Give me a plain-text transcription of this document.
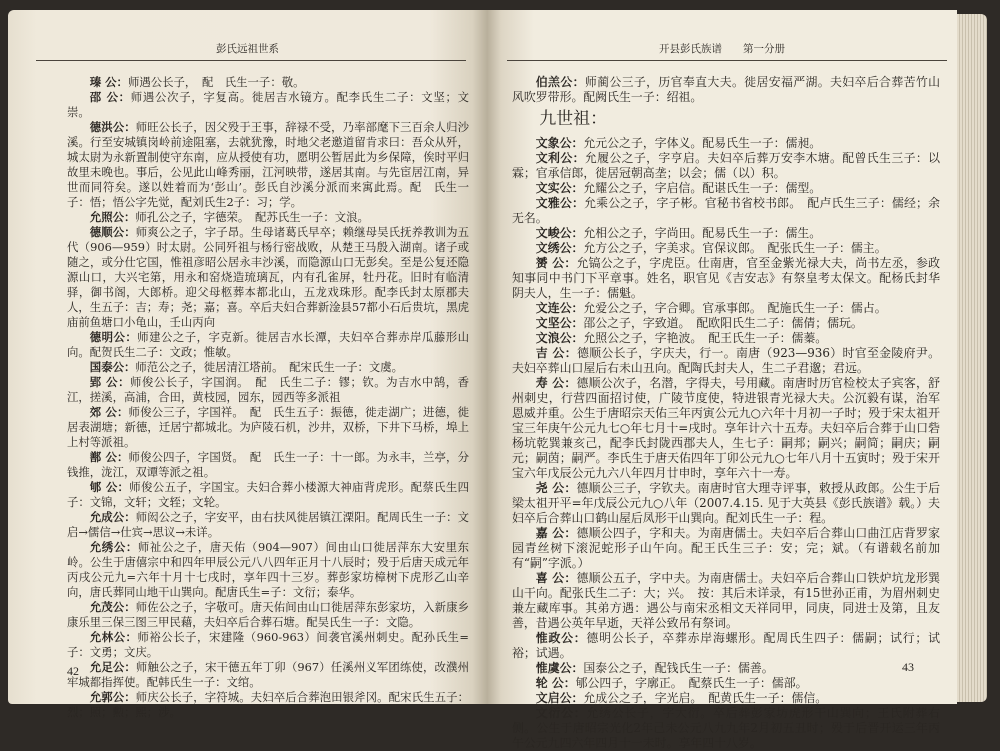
彭氏远祖世系

瑧 公：师遇公长子，　配　氏生一子：敬。

邵 公：师遇公次子，字复高。徙居吉水镜方。配李氏生二子：文坚；文崇。

德洪公：师旺公长子，因父殁于王事，辞禄不受，乃率部麾下三百余人归沙溪。行至安城镇岗岭前途阻塞，去就犹豫，时地父老邀道留肯求曰：吾众从歼，城太尉为永新置制使守东南，应从授使有功，愿明公暂居此为乡保障，俟时平归故里未晚也。事后，公见此山峰秀丽，江河映带，遂居其南。与先宦居江南，异世而同符矣。遂以姓着而为‘彭山’。彭氏自沙溪分派而来寓此焉。配　氏生一子：悟；悟公字先觉，配刘氏生2子：习；学。

允照公：师孔公之子，字德荣。　配苏氏生一子：文浪。

德顺公：师爽公之子，字子昂。生母诸葛氏早卒；赖继母吴氏抚养教训为五代（906—959）时太尉。公同歼祖与杨行密战败，从楚王马殷入湖南。诸子或随之，或分仕它国，惟祖彦昭公居永丰沙溪，而隐源山口无彭矣。至是公复还隐源山口，大兴宅第，用永和窑烧造琉璃瓦，内有孔雀屏，牡丹花。旧时有临清驿，御书阁，大郎桥。迎父母柩葬本都北山，五龙戏珠形。配李氏封太原郡夫人，生五子：吉；寿；尧；嘉；喜。卒后夫妇合葬新淦县57都小石后贵坑，黑虎庙前鱼塘口小龟山，壬山丙向

德明公：师建公之子，字克新。徙居吉水长潭，夫妇卒合葬赤岸瓜藤形山向。配贺氏生二子：文政；惟敏。

国泰公：师范公之子，徙居清江塔前。　配宋氏生一子：文虞。

郢 公：师俊公长子，字国润。　配　氏生二子：镠；钦。为吉水中鹄，香江，搓溪，高浦，合田，黄枝园，园东，园西等多派祖

郊 公：师俊公三子，字国祥。　配　氏生五子：振德，徙走湖广；进德，徙居表湖塘；新德，迁居宁都城北。为庐陵石机，沙井，双桥，下井下马桥，埠上上村等派祖。

鄯 公：师俊公四子，字国贤。　配　氏生一子：十一郎。为永丰，兰亭，分钱推，泷江，双谭等派之祖。

郇 公：师俊公五子，字国宝。夫妇合葬小楼源大神庙背虎形。配蔡氏生四子：文锦，文轩；文轾；文轮。

允成公：师闳公之子，字安平，由右扶风徙居镇江溧阳。配周氏生一子：文启→儒信→仕宾→思议→未详。

允绣公：师祉公之子，唐天佑（904—907）间由山口徙居萍东大安里东岭。公生于唐僖宗中和四年甲辰公元八八四年正月十八辰时；殁于后唐天成元年丙戌公元九=六年十月十七戌时，享年四十三岁。葬彭家坊樟树下虎形乙山辛向，唐氏葬同山地干山巽向。配唐氏生=子：文衍；泰华。

允茂公：师佐公之子，字敬可。唐天佑间由山口徙居萍东彭家坊，入新康乡康乐里三保三图三甲民藉，夫妇卒后合葬石塘。配吴氏生一子：文隐。

允林公：师裕公长子，宋建隆（960-963）间袭官溪州刺史。配孙氏生=子：文勇；文庆。

允足公：师触公之子，宋干德五年丁卯（967）任溪州义军团练使，改濮州牢城都指挥使。配韩氏生一子：文绾。

允郭公：师庆公长子，字符城。夫妇卒后合葬泡田银斧冈。配宋氏生五子：烈；照；勲；熙；涉。

42
开县彭氏族谱　　第一分册

伯羔公：师蔺公三子，历官奉直大夫。徙居安福严湖。夫妇卒后合葬苦竹山风吹罗带形。配阙氏生一子：绍祖。

九世祖：

文象公：允元公之子，字体义。配易氏生一子：儒昶。

文利公：允履公之子，字亨启。夫妇卒后葬万安李木塘。配曾氏生三子：以霖；官承信郎，徙居冠朝高垄；以会；儒（以）积。

文实公：允耀公之子，字启信。配谌氏生一子：儒型。

文雅公：允乘公之子，字子彬。官秘书省校书郎。　配卢氏生三子：儒经；余无名。

文峻公：允相公之子，字尚田。配易氏生一子：儒生。

文绣公：允方公之子，字美求。官保议郎。　配张氏生一子：儒主。

赟 公：允镐公之子，字虎臣。仕南唐，官至金紫光禄大夫，尚书左丞，参政知事同中书门下平章事。姓名，职官见《吉安志》有祭皇考太保文。配杨氏封华阴夫人，生一子：儒魁。

文连公：允爱公之子，字合卿。官承事郎。　配施氏生一子：儒占。

文坚公：邵公之子，字致道。　配欧阳氏生二子：儒倩；儒玩。

文浪公：允照公之子，字艳波。　配王氏生一子：儒蓁。

吉 公：德顺公长子，字庆夫，行一。南唐（923—936）时官至金陵府尹。夫妇卒葬山口屋后右未山丑向。配陶氏封夫人，生二子君邈；君远。

寿 公：德顺公次子，名潜，字得夫，号用藏。南唐时历官检校太子宾客，舒州刺史，行营四面招讨使，广陵节度使，特进银青光禄大夫。公沉毅有谋，治军恩威并重。公生于唐昭宗天佑三年丙寅公元九○六年十月初一子时；殁于宋太祖开宝三年庚午公元九七○年七月十=戌时。享年计六十五寿。夫妇卒后合葬于山口砦杨坑乾巽兼亥己，配李氏封陇西郡夫人，生七子：嗣邦；嗣兴；嗣简；嗣庆；嗣元；嗣茵；嗣严。李氏生于唐天佑四年丁卯公元九○七年八月十五寅时；殁于宋开宝六年戊辰公元九六八年四月廿申时，享年六十一寿。

尧 公：德顺公三子，字钦夫。南唐时官大理寺评事，敕授从政郎。公生于后梁太祖开平=年戊辰公元九○八年（2007.4.15. 见于大英县《彭氏族谱》载。）夫妇卒后合葬山口鹤山屋后凤形干山巽向。配刘氏生一子：程。

嘉 公：德顺公四子，字和夫。为南唐儒士。夫妇卒后合葬山口曲江店背罗家园青丝树下滚泥蛇形子山午向。配王氏生三子：安；完；斌。（有谱载名前加有“嗣”字派。）

喜 公：德顺公五子，字中夫。为南唐儒士。夫妇卒后合葬山口铁炉坑龙形巽山干向。配张氏生二子：大；兴。　按：其后未详录，有15世孙正甫，为眉州刺史兼左藏库事。其弟方遇：遇公与南宋丞相文天祥同甲，同庚，同进士及第，且友善，昔遇公英年早逝，天祥公致吊有祭词。

惟政公：德明公长子，卒葬赤岸海螺形。配周氏生四子：儒嗣；试行；试裕；试遇。

惟虞公：国泰公之子，配钱氏生一子：儒善。

轮 公：郇公四子，字廓正。　配蔡氏生一子：儒部。

文启公：允成公之子，字光启。　配黄氏生一子：儒信。

文衍公：允绣公长子，字大衍。卒后葬彭家坊虎形干山巽向；王氏附葬右侧。公生于唐昭宗光化2年己未公元八九九年2月初五丑时；殁于后晋开运三年丙午公元九四六年四月十一未时。享年四十八岁。

43
